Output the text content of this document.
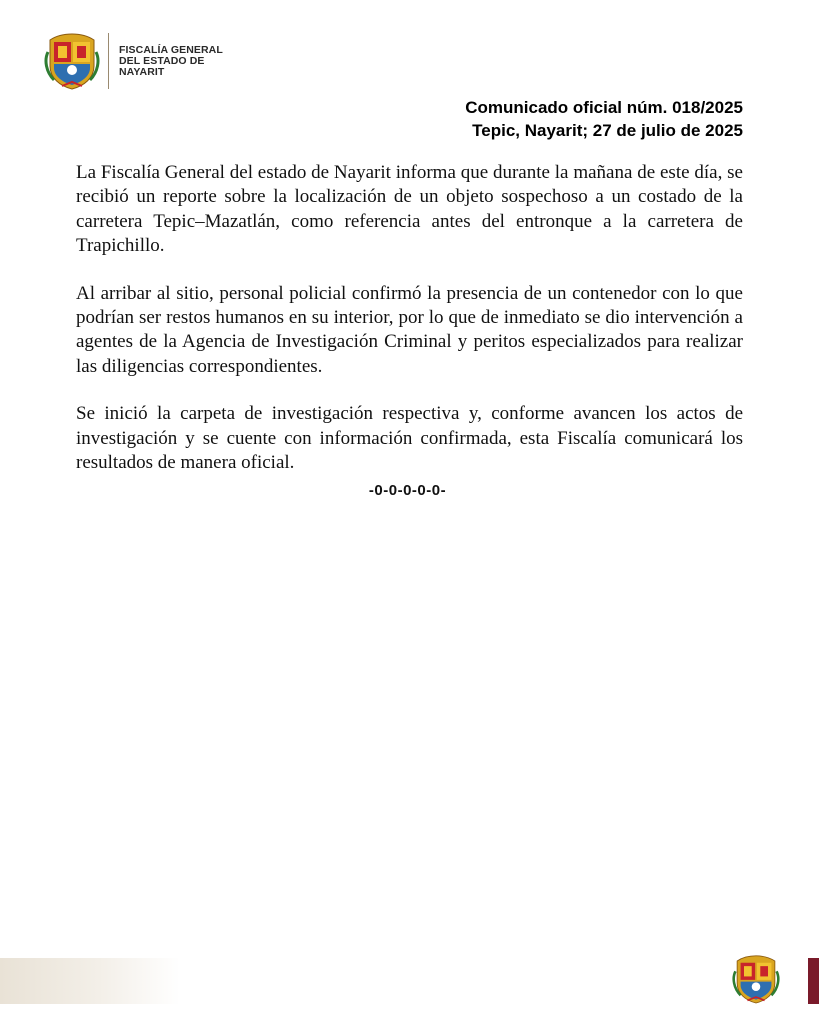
FISCALÍA GENERAL
DEL ESTADO DE
NAYARIT
Comunicado oficial núm. 018/2025
Tepic, Nayarit; 27 de julio de 2025

La Fiscalía General del estado de Nayarit informa que durante la mañana de este día, se recibió un reporte sobre la localización de un objeto sospechoso a un costado de la carretera Tepic–Mazatlán, como referencia antes del entronque a la carretera de Trapichillo.

Al arribar al sitio, personal policial confirmó la presencia de un contenedor con lo que podrían ser restos humanos en su interior, por lo que de inmediato se dio intervención a agentes de la Agencia de Investigación Criminal y peritos especializados para realizar las diligencias correspondientes.

Se inició la carpeta de investigación respectiva y, conforme avancen los actos de investigación y se cuente con información confirmada, esta Fiscalía comunicará los resultados de manera oficial.

-0-0-0-0-0-
